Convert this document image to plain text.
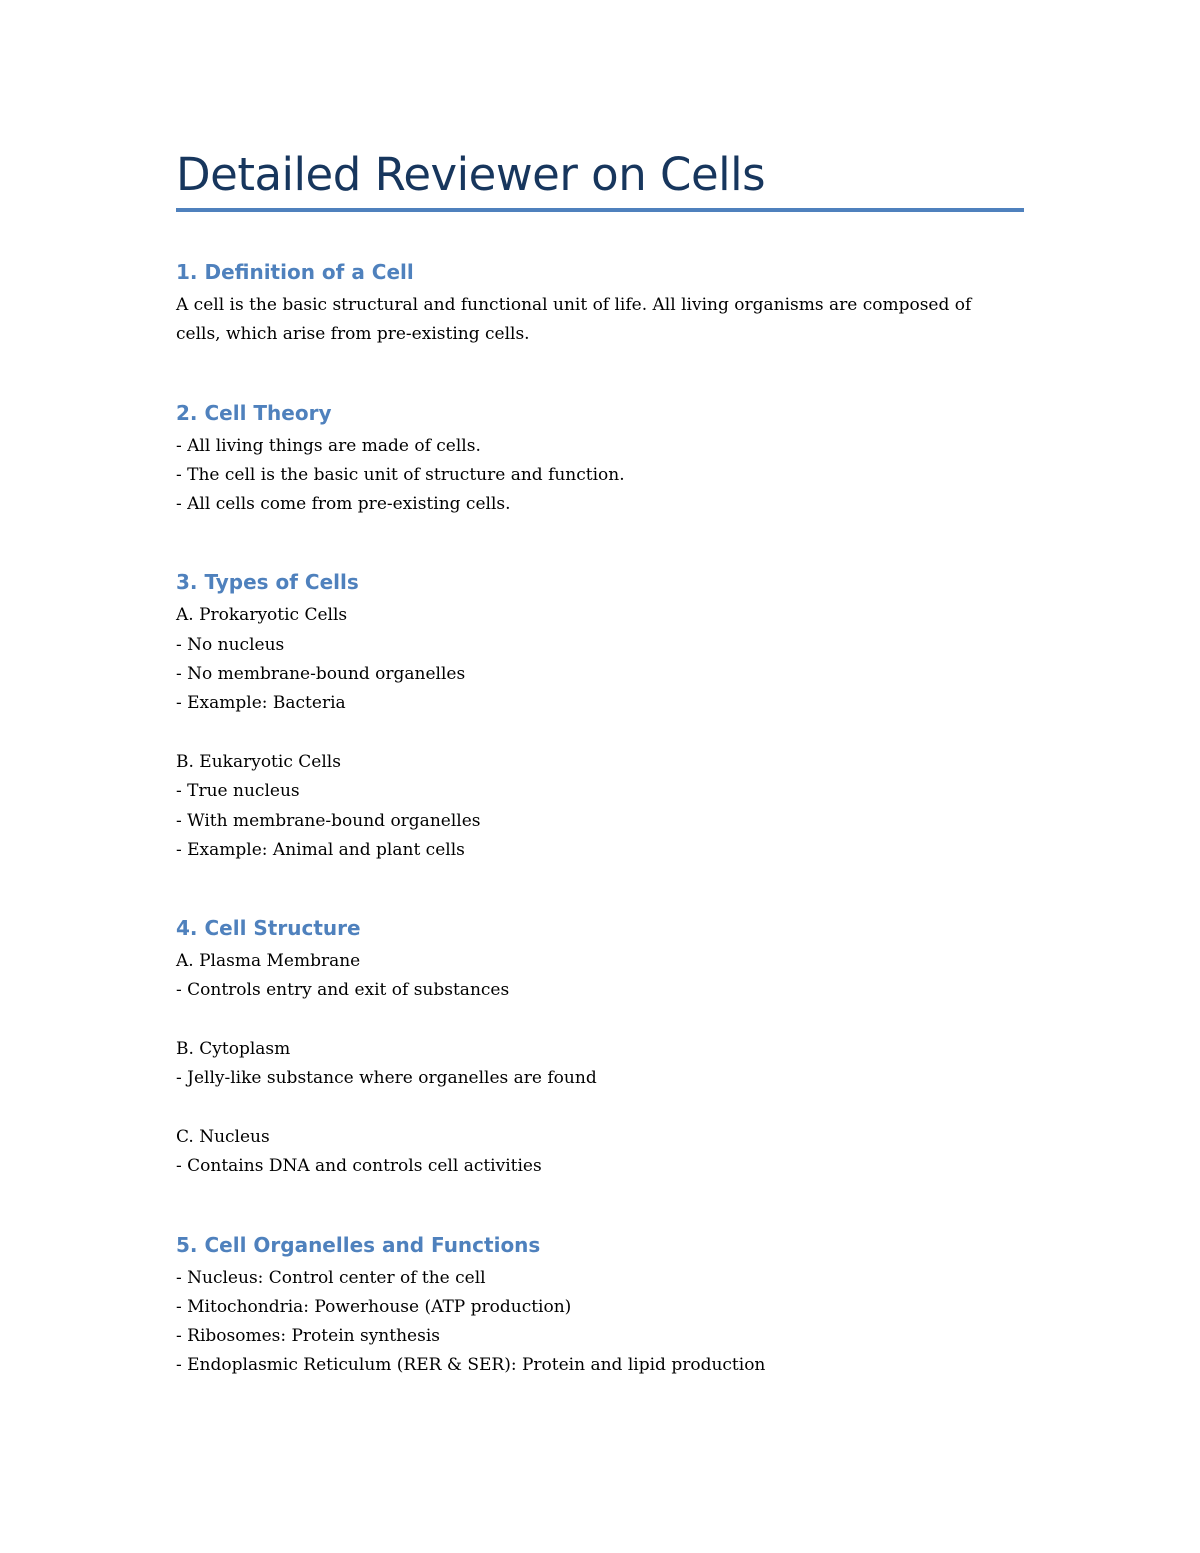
Detailed Reviewer on Cells
1. Definition of a Cell

A cell is the basic structural and functional unit of life. All living organisms are composed of

cells, which arise from pre-existing cells.

2. Cell Theory

- All living things are made of cells.

- The cell is the basic unit of structure and function.

- All cells come from pre-existing cells.

3. Types of Cells

A. Prokaryotic Cells

- No nucleus

- No membrane-bound organelles

- Example: Bacteria

B. Eukaryotic Cells

- True nucleus

- With membrane-bound organelles

- Example: Animal and plant cells

4. Cell Structure

A. Plasma Membrane

- Controls entry and exit of substances

B. Cytoplasm

- Jelly-like substance where organelles are found

C. Nucleus

- Contains DNA and controls cell activities

5. Cell Organelles and Functions

- Nucleus: Control center of the cell

- Mitochondria: Powerhouse (ATP production)

- Ribosomes: Protein synthesis

- Endoplasmic Reticulum (RER & SER): Protein and lipid production
